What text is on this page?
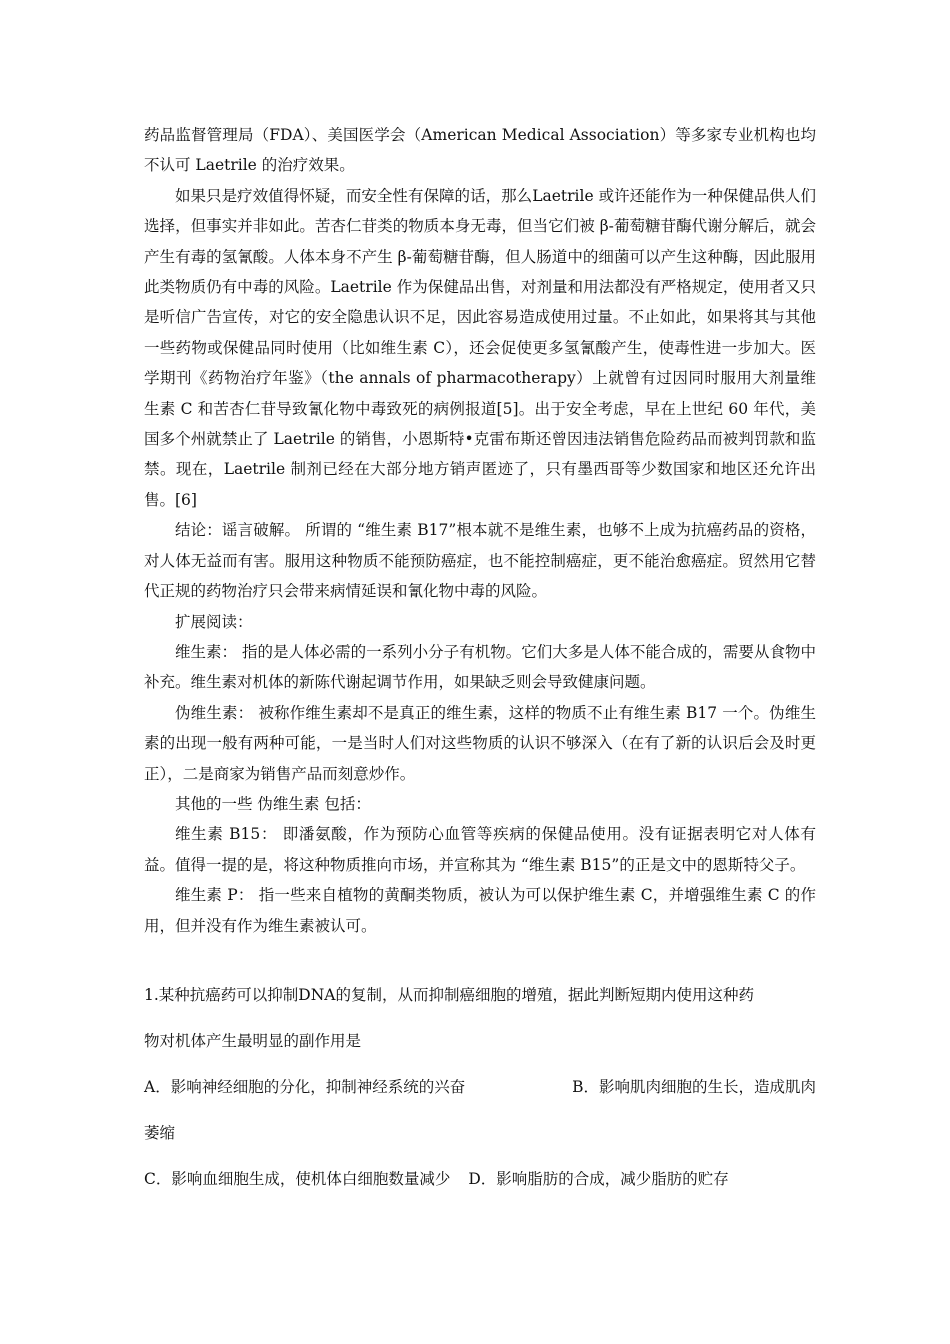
药品监督管理局（FDA）、美国医学会（American Medical Association）等多家专业机构也均不认可 Laetrile 的治疗效果。

如果只是疗效值得怀疑，而安全性有保障的话，那么Laetrile 或许还能作为一种保健品供人们选择，但事实并非如此。苦杏仁苷类的物质本身无毒，但当它们被 β-葡萄糖苷酶代谢分解后，就会产生有毒的氢氰酸。人体本身不产生 β-葡萄糖苷酶，但人肠道中的细菌可以产生这种酶，因此服用此类物质仍有中毒的风险。Laetrile 作为保健品出售，对剂量和用法都没有严格规定，使用者又只是听信广告宣传，对它的安全隐患认识不足，因此容易造成使用过量。不止如此，如果将其与其他一些药物或保健品同时使用（比如维生素 C），还会促使更多氢氰酸产生，使毒性进一步加大。医学期刊《药物治疗年鉴》（the annals of pharmacotherapy）上就曾有过因同时服用大剂量维生素 C 和苦杏仁苷导致氰化物中毒致死的病例报道[5]。出于安全考虑，早在上世纪 60 年代，美国多个州就禁止了 Laetrile 的销售，小恩斯特•克雷布斯还曾因违法销售危险药品而被判罚款和监禁。现在，Laetrile 制剂已经在大部分地方销声匿迹了，只有墨西哥等少数国家和地区还允许出售。[6]

结论：谣言破解。 所谓的 “维生素 B17”根本就不是维生素，也够不上成为抗癌药品的资格，对人体无益而有害。服用这种物质不能预防癌症，也不能控制癌症，更不能治愈癌症。贸然用它替代正规的药物治疗只会带来病情延误和氰化物中毒的风险。

扩展阅读：

维生素： 指的是人体必需的一系列小分子有机物。它们大多是人体不能合成的，需要从食物中补充。维生素对机体的新陈代谢起调节作用，如果缺乏则会导致健康问题。

伪维生素： 被称作维生素却不是真正的维生素，这样的物质不止有维生素 B17 一个。伪维生素的出现一般有两种可能，一是当时人们对这些物质的认识不够深入（在有了新的认识后会及时更正），二是商家为销售产品而刻意炒作。

其他的一些 伪维生素 包括：

维生素 B15： 即潘氨酸，作为预防心血管等疾病的保健品使用。没有证据表明它对人体有益。值得一提的是，将这种物质推向市场，并宣称其为 “维生素 B15”的正是文中的恩斯特父子。

维生素 P： 指一些来自植物的黄酮类物质，被认为可以保护维生素 C，并增强维生素 C 的作用，但并没有作为维生素被认可。

1.某种抗癌药可以抑制DNA的复制，从而抑制癌细胞的增殖，据此判断短期内使用这种药

物对机体产生最明显的副作用是

A．影响神经细胞的分化，抑制神经系统的兴奋	B．影响肌肉细胞的生长，造成肌肉

萎缩

C．影响血细胞生成，使机体白细胞数量减少 D．影响脂肪的合成，减少脂肪的贮存
